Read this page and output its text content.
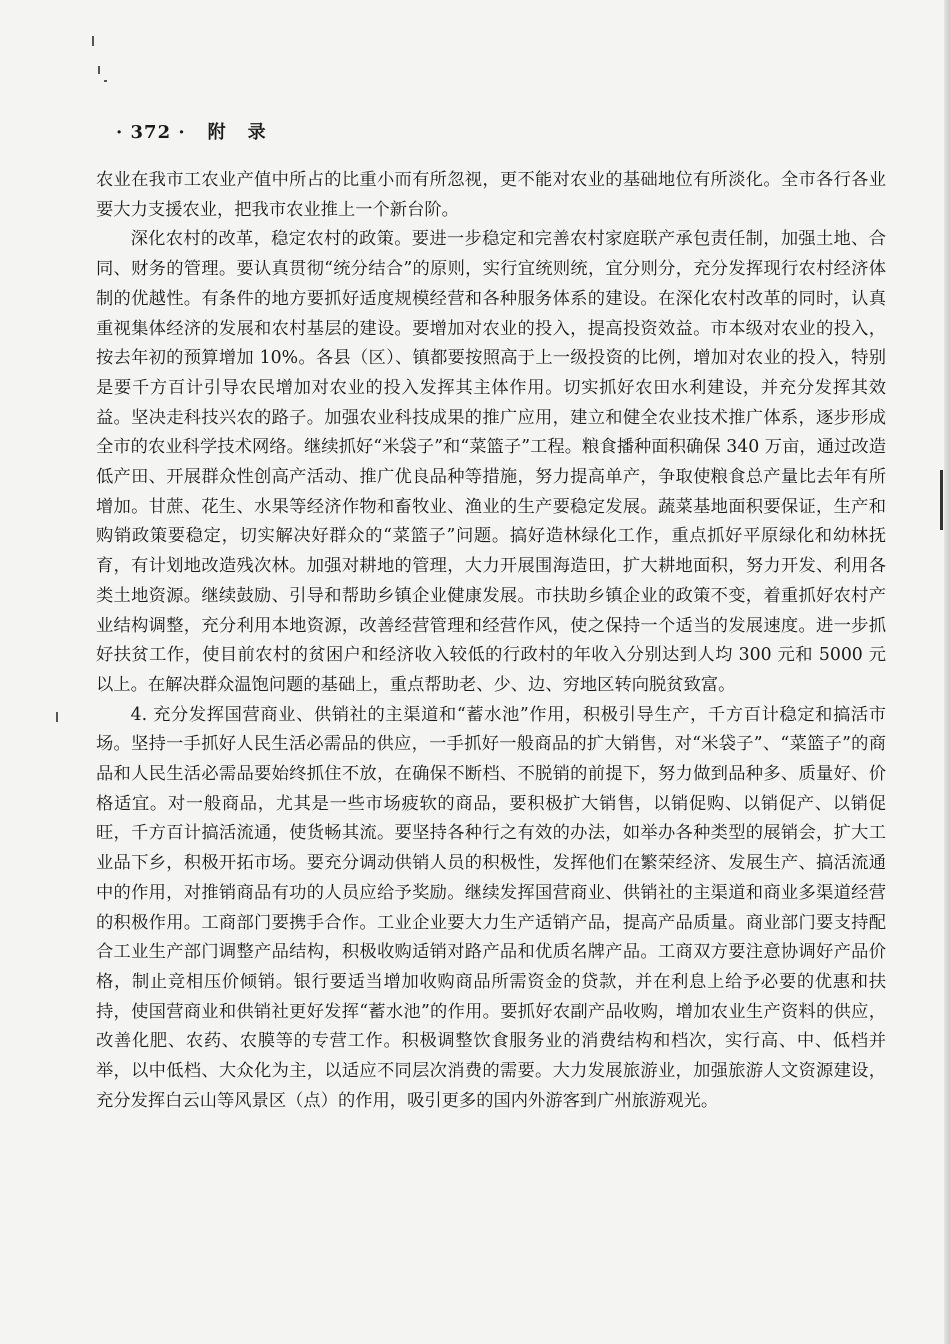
· 372 · 附录

农业在我市工农业产值中所占的比重小而有所忽视，更不能对农业的基础地位有所淡化。全市各行各业要大力支援农业，把我市农业推上一个新台阶。

深化农村的改革，稳定农村的政策。要进一步稳定和完善农村家庭联产承包责任制，加强土地、合同、财务的管理。要认真贯彻“统分结合”的原则，实行宜统则统，宜分则分，充分发挥现行农村经济体制的优越性。有条件的地方要抓好适度规模经营和各种服务体系的建设。在深化农村改革的同时，认真重视集体经济的发展和农村基层的建设。要增加对农业的投入，提高投资效益。市本级对农业的投入，按去年初的预算增加 10%。各县（区）、镇都要按照高于上一级投资的比例，增加对农业的投入，特别是要千方百计引导农民增加对农业的投入发挥其主体作用。切实抓好农田水利建设，并充分发挥其效益。坚决走科技兴农的路子。加强农业科技成果的推广应用，建立和健全农业技术推广体系，逐步形成全市的农业科学技术网络。继续抓好“米袋子”和“菜篮子”工程。粮食播种面积确保 340 万亩，通过改造低产田、开展群众性创高产活动、推广优良品种等措施，努力提高单产，争取使粮食总产量比去年有所增加。甘蔗、花生、水果等经济作物和畜牧业、渔业的生产要稳定发展。蔬菜基地面积要保证，生产和购销政策要稳定，切实解决好群众的“菜篮子”问题。搞好造林绿化工作，重点抓好平原绿化和幼林抚育，有计划地改造残次林。加强对耕地的管理，大力开展围海造田，扩大耕地面积，努力开发、利用各类土地资源。继续鼓励、引导和帮助乡镇企业健康发展。市扶助乡镇企业的政策不变，着重抓好农村产业结构调整，充分利用本地资源，改善经营管理和经营作风，使之保持一个适当的发展速度。进一步抓好扶贫工作，使目前农村的贫困户和经济收入较低的行政村的年收入分别达到人均 300 元和 5000 元以上。在解决群众温饱问题的基础上，重点帮助老、少、边、穷地区转向脱贫致富。

4. 充分发挥国营商业、供销社的主渠道和“蓄水池”作用，积极引导生产，千方百计稳定和搞活市场。坚持一手抓好人民生活必需品的供应，一手抓好一般商品的扩大销售，对“米袋子”、“菜篮子”的商品和人民生活必需品要始终抓住不放，在确保不断档、不脱销的前提下，努力做到品种多、质量好、价格适宜。对一般商品，尤其是一些市场疲软的商品，要积极扩大销售，以销促购、以销促产、以销促旺，千方百计搞活流通，使货畅其流。要坚持各种行之有效的办法，如举办各种类型的展销会，扩大工业品下乡，积极开拓市场。要充分调动供销人员的积极性，发挥他们在繁荣经济、发展生产、搞活流通中的作用，对推销商品有功的人员应给予奖励。继续发挥国营商业、供销社的主渠道和商业多渠道经营的积极作用。工商部门要携手合作。工业企业要大力生产适销产品，提高产品质量。商业部门要支持配合工业生产部门调整产品结构，积极收购适销对路产品和优质名牌产品。工商双方要注意协调好产品价格，制止竞相压价倾销。银行要适当增加收购商品所需资金的贷款，并在利息上给予必要的优惠和扶持，使国营商业和供销社更好发挥“蓄水池”的作用。要抓好农副产品收购，增加农业生产资料的供应，改善化肥、农药、农膜等的专营工作。积极调整饮食服务业的消费结构和档次，实行高、中、低档并举，以中低档、大众化为主，以适应不同层次消费的需要。大力发展旅游业，加强旅游人文资源建设，充分发挥白云山等风景区（点）的作用，吸引更多的国内外游客到广州旅游观光。
